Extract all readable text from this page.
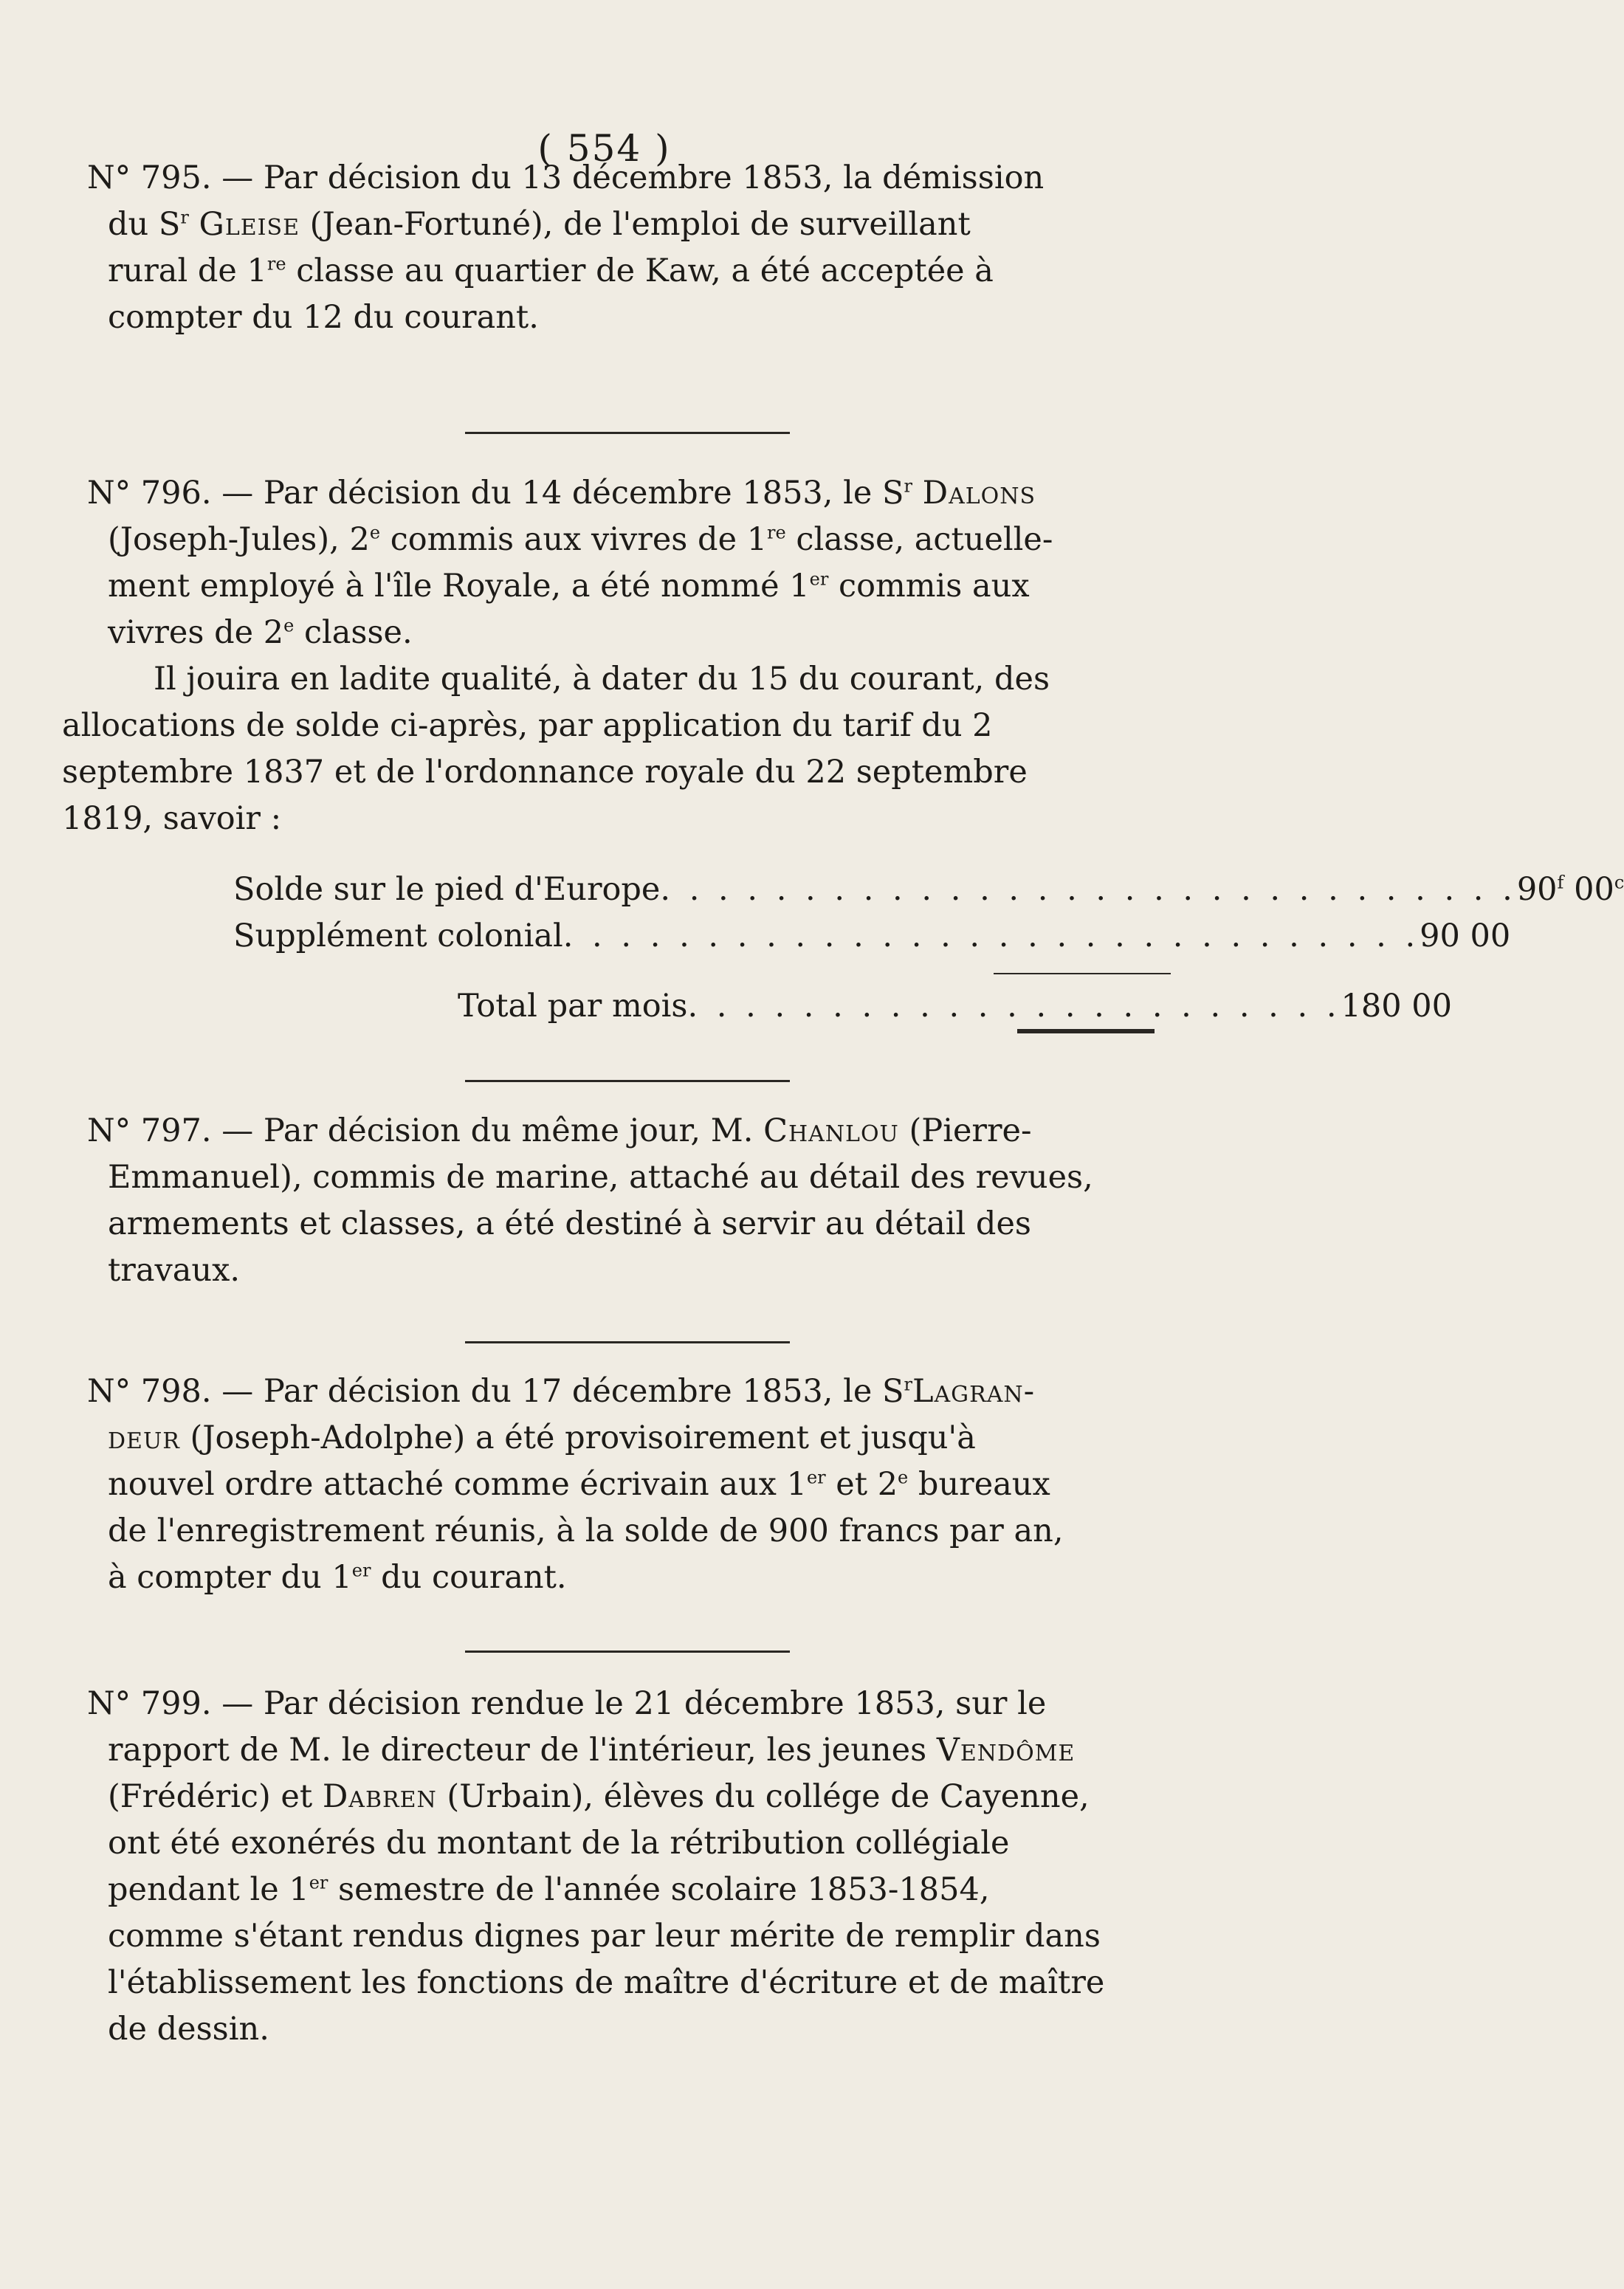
( 554 )

N° 795. — Par décision du 13 décembre 1853, la démission
du $S^r$ Gleise (Jean-Fortuné), de l'emploi de surveillant
rural de 1re classe au quartier de Kaw, a été acceptée à
compter du 12 du courant.

N° 796. — Par décision du 14 décembre 1853, le $S^r$ Dalons
(Joseph-Jules), 2e commis aux vivres de 1re classe, actuelle-
ment employé à l'île Royale, a été nommé 1er commis aux
vivres de 2e classe.

Il jouira en ladite qualité, à dater du 15 du courant, des
allocations de solde ci-après, par application du tarif du 2
septembre 1837 et de l'ordonnance royale du 22 septembre
1819, savoir :

Solde sur le pied d'Europe . . . . . . . . . . . . . . . . . . . . . . . . . . . . . . 90$^f$ 00$^c$
Supplément colonial . . . . . . . . . . . . . . . . . . . . . . . . . . . . . . 90 00
Total par mois . . . . . . . . . . . . . . . . . . . . . . . 180 00

N° 797. — Par décision du même jour, M. Chanlou (Pierre-
Emmanuel), commis de marine, attaché au détail des revues,
armements et classes, a été destiné à servir au détail des
travaux.

N° 798. — Par décision du 17 décembre 1853, le $S^rLagran-$
deur (Joseph-Adolphe) a été provisoirement et jusqu'à
nouvel ordre attaché comme écrivain aux 1er et 2e bureaux
de l'enregistrement réunis, à la solde de 900 francs par an,
à compter du 1er du courant.

N° 799. — Par décision rendue le 21 décembre 1853, sur le
rapport de M. le directeur de l'intérieur, les jeunes Vendôme
(Frédéric) et Dabren (Urbain), élèves du collége de Cayenne,
ont été exonérés du montant de la rétribution collégiale
pendant le 1er semestre de l'année scolaire 1853-1854,
comme s'étant rendus dignes par leur mérite de remplir dans
l'établissement les fonctions de maître d'écriture et de maître
de dessin.
